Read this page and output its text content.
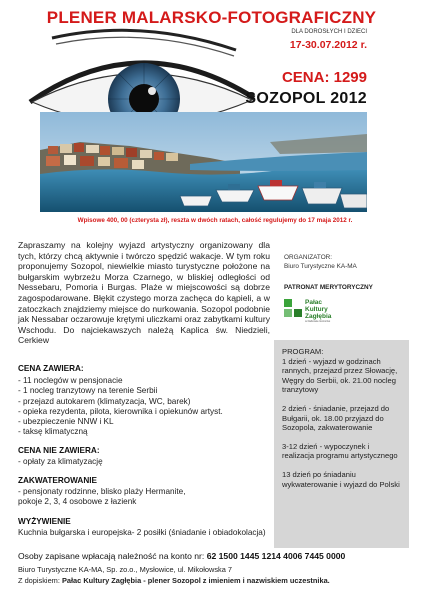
PLENER MALARSKO-FOTOGRAFICZNY
DLA DOROSŁYCH I DZIECI
17-30.07.2012 r.
CENA: 1299
SOZOPOL 2012
Wpisowe 400, 00 (czterysta zł), reszta w dwóch ratach, całość regulujemy do 17 maja 2012 r.
Zapraszamy na kolejny wyjazd artystyczny organizowany dla tych, którzy chcą aktywnie i twórczo spędzić wakacje. W tym roku proponujemy Sozopol, niewielkie miasto turystyczne położone na bułgarskim wybrzeżu Morza Czarnego, w bliskiej odległości od Nessebaru, Pomoria i Burgas. Plaże w miejscowości są dobrze zagospodarowane. Błękit czystego morza zachęca do kąpieli, a w zatoczkach znajdziemy miejsce do nurkowania. Sozopol podobnie jak Nessabar oczarowuje krętymi uliczkami oraz zabytkami kultury Wschodu. Do najciekawszych należą Kaplica św. Niedzieli, Cerkiew
ORGANIZATOR:
Biuro Turystyczne KA-MA
PATRONAT MERYTORYCZNY
Pałac
Kultury
Zagłębia
w Dąbrowie Górniczej

PROGRAM:
1 dzień - wyjazd w godzinach rannych, przejazd przez Słowację, Węgry do Serbii, ok. 21.00 nocleg tranzytowy

2 dzień - śniadanie, przejazd do Bułgarii, ok. 18.00 przyjazd do Sozopola, zakwaterowanie

3-12 dzień - wypoczynek i realizacja programu artystycznego

13 dzień po śniadaniu wykwaterowanie i wyjazd do Polski

CENA ZAWIERA:
- 11 noclegów w pensjonacie
- 1 nocleg tranzytowy na terenie Serbii
- przejazd autokarem (klimatyzacja, WC, barek)
- opieka rezydenta, pilota, kierownika i opiekunów artyst.
- ubezpieczenie NNW i KL
- taksę klimatyczną
CENA NIE ZAWIERA:
- opłaty za klimatyzację
ZAKWATEROWANIE
- pensjonaty rodzinne, blisko plaży Hermanite,
pokoje 2, 3, 4 osobowe z łazienk
WYŻYWIENIE
Kuchnia bułgarska i europejska- 2 posiłki (śniadanie i obiadokolacja)
Osoby zapisane wpłacają należność na konto nr: 62 1500 1445 1214 4006 7445 0000
Biuro Turystyczne KA-MA, Sp. zo.o., Mysłowice, ul. Mikołowska 7
Z dopiskiem: Pałac Kultury Zagłębia - plener Sozopol z imieniem i nazwiskiem uczestnika.
